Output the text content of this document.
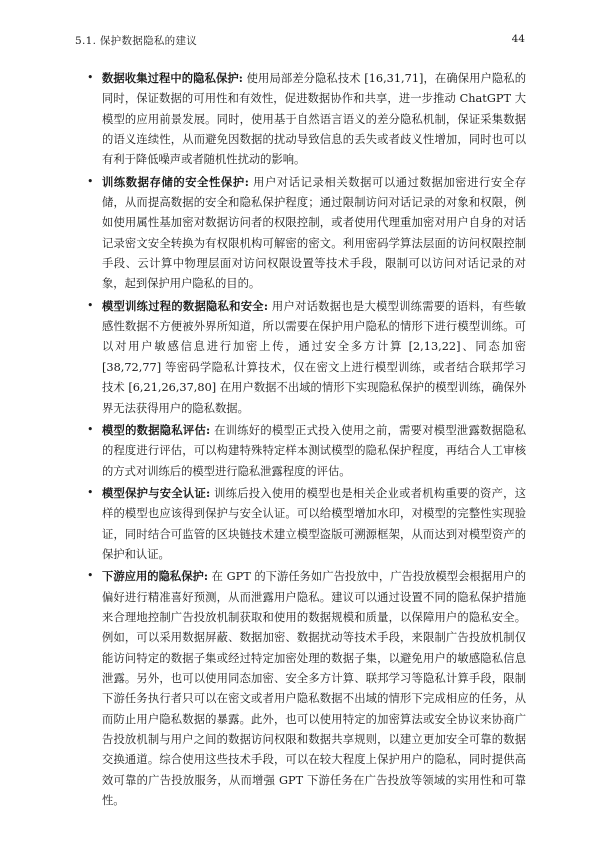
5.1. 保护数据隐私的建议	44
• 数据收集过程中的隐私保护: 使用局部差分隐私技术 [16,31,71]，在确保用户隐私的同时，保证数据的可用性和有效性，促进数据协作和共享，进一步推动 ChatGPT 大模型的应用前景发展。同时，使用基于自然语言语义的差分隐私机制，保证采集数据的语义连续性，从而避免因数据的扰动导致信息的丢失或者歧义性增加，同时也可以有利于降低噪声或者随机性扰动的影响。
• 训练数据存储的安全性保护: 用户对话记录相关数据可以通过数据加密进行安全存储，从而提高数据的安全和隐私保护程度；通过限制访问对话记录的对象和权限，例如使用属性基加密对数据访问者的权限控制，或者使用代理重加密对用户自身的对话记录密文安全转换为有权限机构可解密的密文。利用密码学算法层面的访问权限控制手段、云计算中物理层面对访问权限设置等技术手段，限制可以访问对话记录的对象，起到保护用户隐私的目的。
• 模型训练过程的数据隐私和安全: 用户对话数据也是大模型训练需要的语料，有些敏感性数据不方便被外界所知道，所以需要在保护用户隐私的情形下进行模型训练。可以对用户敏感信息进行加密上传，通过安全多方计算 [2,13,22]、同态加密 [38,72,77] 等密码学隐私计算技术，仅在密文上进行模型训练，或者结合联邦学习技术 [6,21,26,37,80] 在用户数据不出域的情形下实现隐私保护的模型训练，确保外界无法获得用户的隐私数据。
• 模型的数据隐私评估: 在训练好的模型正式投入使用之前，需要对模型泄露数据隐私的程度进行评估，可以构建特殊特定样本测试模型的隐私保护程度，再结合人工审核的方式对训练后的模型进行隐私泄露程度的评估。
• 模型保护与安全认证: 训练后投入使用的模型也是相关企业或者机构重要的资产，这样的模型也应该得到保护与安全认证。可以给模型增加水印，对模型的完整性实现验证，同时结合可监管的区块链技术建立模型盗版可溯源框架，从而达到对模型资产的保护和认证。
• 下游应用的隐私保护: 在 GPT 的下游任务如广告投放中，广告投放模型会根据用户的偏好进行精准喜好预测，从而泄露用户隐私。建议可以通过设置不同的隐私保护措施来合理地控制广告投放机制获取和使用的数据规模和质量，以保障用户的隐私安全。例如，可以采用数据屏蔽、数据加密、数据扰动等技术手段，来限制广告投放机制仅能访问特定的数据子集或经过特定加密处理的数据子集，以避免用户的敏感隐私信息泄露。另外，也可以使用同态加密、安全多方计算、联邦学习等隐私计算手段，限制下游任务执行者只可以在密文或者用户隐私数据不出域的情形下完成相应的任务，从而防止用户隐私数据的暴露。此外，也可以使用特定的加密算法或安全协议来协商广告投放机制与用户之间的数据访问权限和数据共享规则，以建立更加安全可靠的数据交换通道。综合使用这些技术手段，可以在较大程度上保护用户的隐私，同时提供高效可靠的广告投放服务，从而增强 GPT 下游任务在广告投放等领域的实用性和可靠性。
